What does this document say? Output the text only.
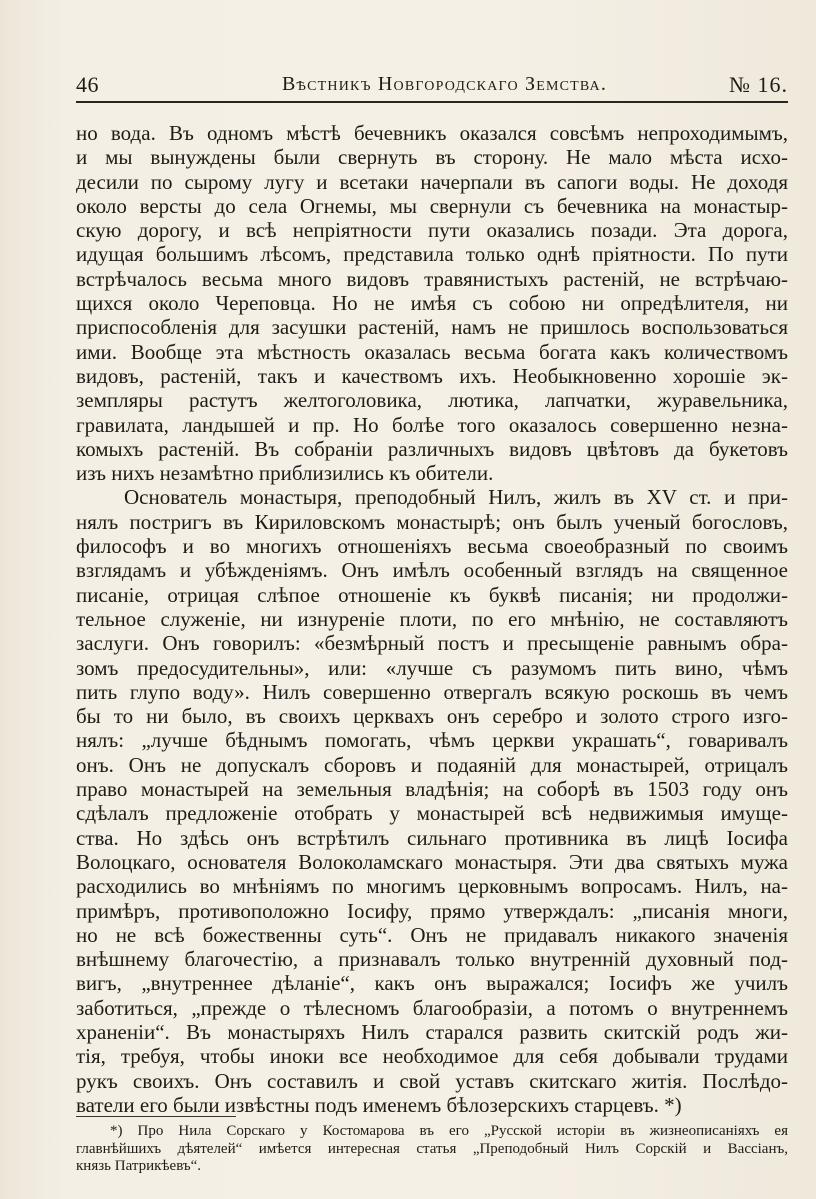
46	Вѣстникъ Новгородскаго Земства.	№ 16.
но вода. Въ одномъ мѣстѣ бечевникъ оказался совсѣмъ непроходимымъ,
и мы вынуждены были свернуть въ сторону. Не мало мѣста исхо-
десили по сырому лугу и всетаки начерпали въ сапоги воды. Не доходя
около версты до села Огнемы, мы свернули съ бечевника на монастыр-
скую дорогу, и всѣ непріятности пути оказались позади. Эта дорога,
идущая большимъ лѣсомъ, представила только однѣ пріятности. По пути
встрѣчалось весьма много видовъ травянистыхъ растеній, не встрѣчаю-
щихся около Череповца. Но не имѣя съ собою ни опредѣлителя, ни
приспособленія для засушки растеній, намъ не пришлось воспользоваться
ими. Вообще эта мѣстность оказалась весьма богата какъ количествомъ
видовъ, растеній, такъ и качествомъ ихъ. Необыкновенно хорошіе эк-
земпляры растутъ желтоголовика, лютика, лапчатки, журавельника,
гравилата, ландышей и пр. Но болѣе того оказалось совершенно незна-
комыхъ растеній. Въ собраніи различныхъ видовъ цвѣтовъ да букетовъ
изъ нихъ незамѣтно приблизились къ обители.
Основатель монастыря, преподобный Нилъ, жилъ въ XV ст. и при-
нялъ постригъ въ Кириловскомъ монастырѣ; онъ былъ ученый богословъ,
философъ и во многихъ отношеніяхъ весьма своеобразный по своимъ
взглядамъ и убѣжденіямъ. Онъ имѣлъ особенный взглядъ на священное
писаніе, отрицая слѣпое отношеніе къ буквѣ писанія; ни продолжи-
тельное служеніе, ни изнуреніе плоти, по его мнѣнію, не составляютъ
заслуги. Онъ говорилъ: «безмѣрный постъ и пресыщеніе равнымъ обра-
зомъ предосудительны», или: «лучше съ разумомъ пить вино, чѣмъ
пить глупо воду». Нилъ совершенно отвергалъ всякую роскошь въ чемъ
бы то ни было, въ своихъ церквахъ онъ серебро и золото строго изго-
нялъ: „лучше бѣднымъ помогать, чѣмъ церкви украшать“, говаривалъ
онъ. Онъ не допускалъ сборовъ и подаяній для монастырей, отрицалъ
право монастырей на земельныя владѣнія; на соборѣ въ 1503 году онъ
сдѣлалъ предложеніе отобрать у монастырей всѣ недвижимыя имуще-
ства. Но здѣсь онъ встрѣтилъ сильнаго противника въ лицѣ Іосифа
Волоцкаго, основателя Волоколамскаго монастыря. Эти два святыхъ мужа
расходились во мнѣніямъ по многимъ церковнымъ вопросамъ. Нилъ, на-
примѣръ, противоположно Іосифу, прямо утверждалъ: „писанія многи,
но не всѣ божественны суть“. Онъ не придавалъ никакого значенія
внѣшнему благочестію, а признавалъ только внутренній духовный под-
вигъ, „внутреннее дѣланіе“, какъ онъ выражался; Іосифъ же училъ
заботиться, „прежде о тѣлесномъ благообразіи, а потомъ о внутреннемъ
храненіи“. Въ монастыряхъ Нилъ старался развить скитскій родъ жи-
тія, требуя, чтобы иноки все необходимое для себя добывали трудами
рукъ своихъ. Онъ составилъ и свой уставъ скитскаго житія. Послѣдо-
ватели его были извѣстны подъ именемъ бѣлозерскихъ старцевъ. *)
*) Про Нила Сорскаго у Костомарова въ его „Русской исторіи въ жизнеописаніяхъ ея
главнѣйшихъ дѣятелей“ имѣется интересная статья „Преподобный Нилъ Сорскій и Вассіанъ,
князь Патрикѣевъ“.
